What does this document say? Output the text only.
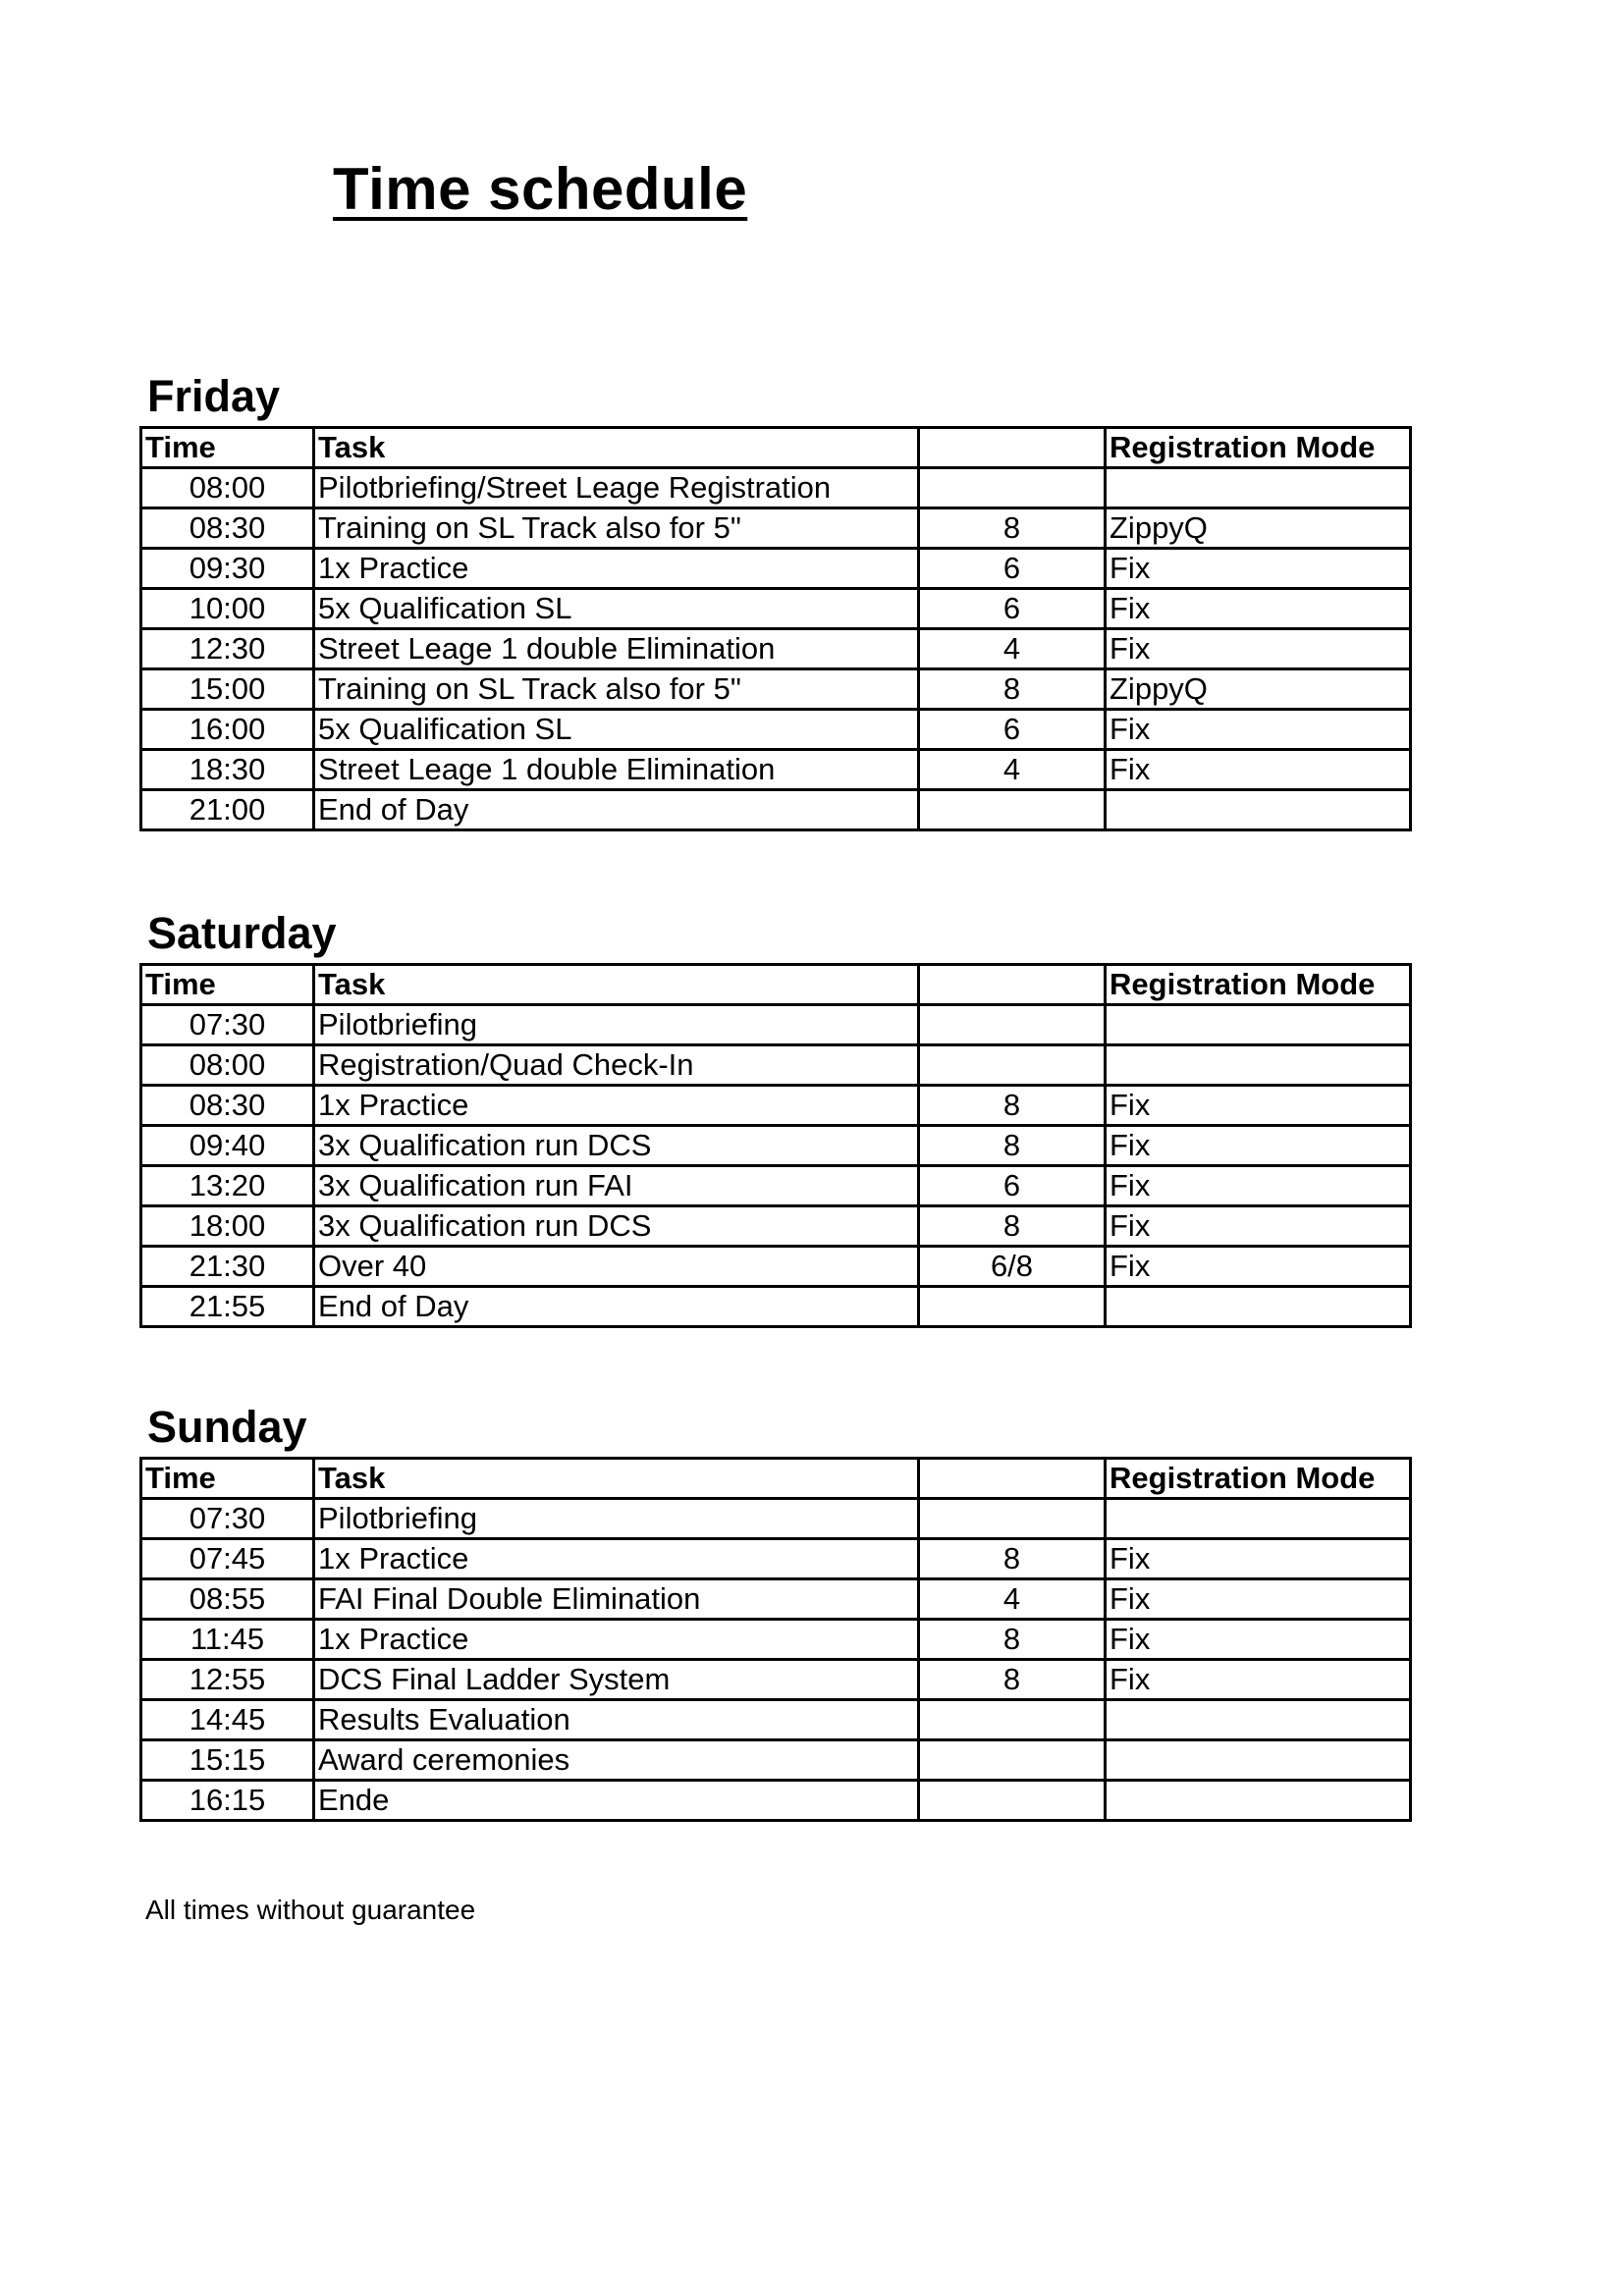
Time schedule
Friday
Time	Task		Registration Mode
08:00	Pilotbriefing/Street Leage Registration		
08:30	Training on SL Track also for 5"	8	ZippyQ
09:30	1x Practice	6	Fix
10:00	5x Qualification SL	6	Fix
12:30	Street Leage 1 double Elimination	4	Fix
15:00	Training on SL Track also for 5"	8	ZippyQ
16:00	5x Qualification SL	6	Fix
18:30	Street Leage 1 double Elimination	4	Fix
21:00	End of Day		
Saturday
Time	Task		Registration Mode
07:30	Pilotbriefing		
08:00	Registration/Quad Check-In		
08:30	1x Practice	8	Fix
09:40	3x Qualification run DCS	8	Fix
13:20	3x Qualification run FAI	6	Fix
18:00	3x Qualification run DCS	8	Fix
21:30	Over 40	6/8	Fix
21:55	End of Day		
Sunday
Time	Task		Registration Mode
07:30	Pilotbriefing		
07:45	1x Practice	8	Fix
08:55	FAI Final Double Elimination	4	Fix
11:45	1x Practice	8	Fix
12:55	DCS Final Ladder System	8	Fix
14:45	Results Evaluation		
15:15	Award ceremonies		
16:15	Ende		
All times without guarantee
